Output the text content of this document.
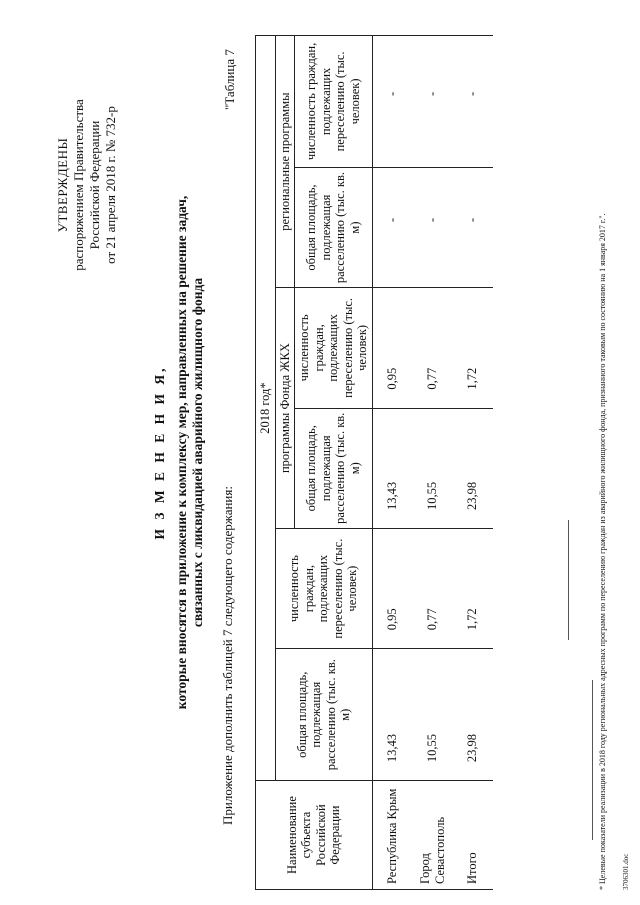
УТВЕРЖДЕНЫ распоряжением Правительства Российской Федерации от 21 апреля 2018 г. № 732-р
И З М Е Н Е Н И Я, которые вносятся в приложение к комплексу мер, направленных на решение задач, связанных с ликвидацией аварийного жилищного фонда
Приложение дополнить таблицей 7 следующего содержания:
"Таблица 7
Наименование субъекта Российской Федерации	2018 год*					
	общая площадь, подлежащая расселению (тыс. кв. м)	численность граждан, подлежащих переселению (тыс. человек)	программы Фонда ЖКХ		региональные программы	
			общая площадь, подлежащая расселению (тыс. кв. м)	численность граждан, подлежащих переселению (тыс. человек)	общая площадь, подлежащая расселению (тыс. кв. м)	численность граждан, подлежащих переселению (тыс. человек)
Республика Крым	13,43	0,95	13,43	0,95	-	-
Город Севастополь	10,55	0,77	10,55	0,77	-	-
Итого	23,98	1,72	23,98	1,72	-	-
* Целевые показатели реализации в 2018 году региональных адресных программ по переселению граждан из аварийного жилищного фонда, признанного таковым по состоянию на 1 января 2017 г.". 3706301.doc
